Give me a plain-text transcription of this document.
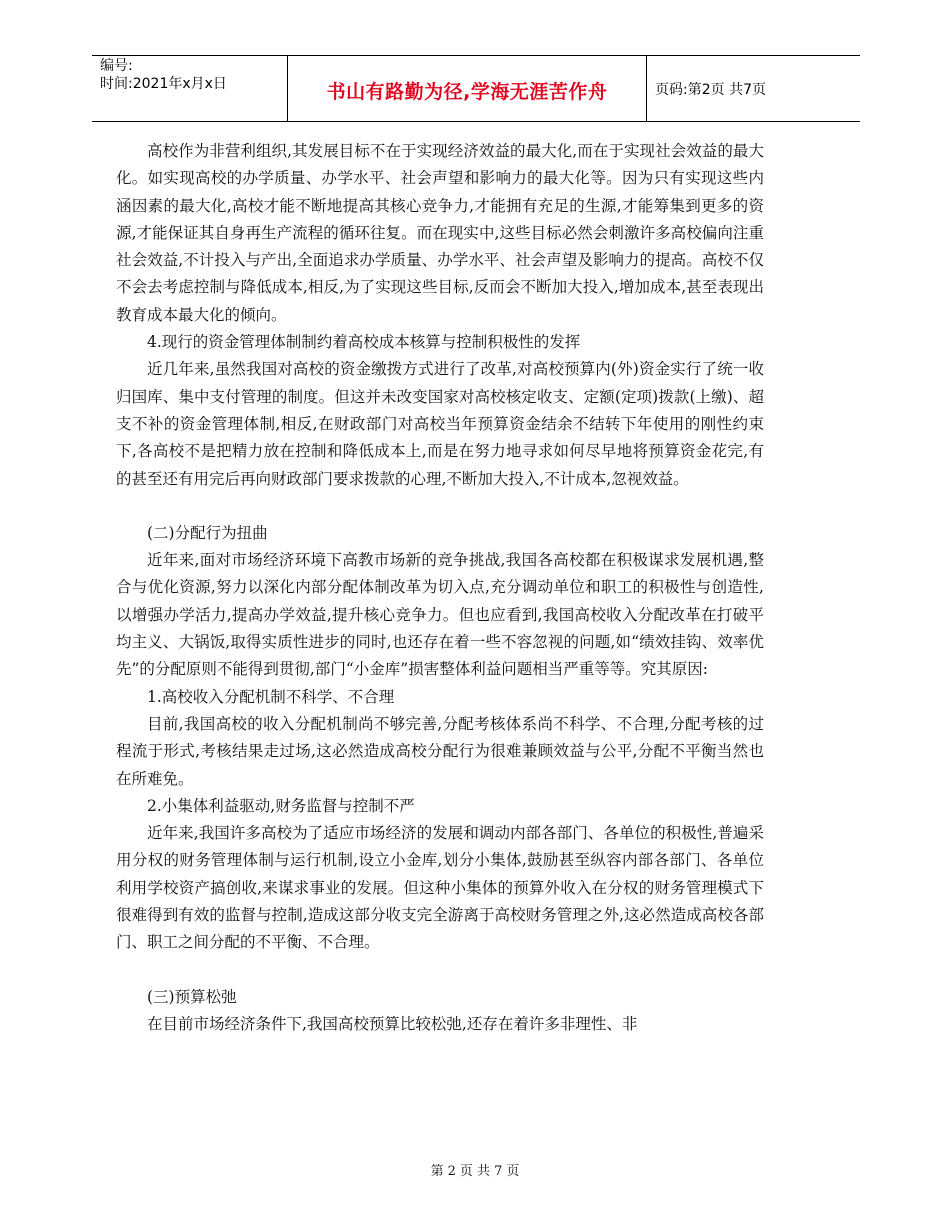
编号:
时间:2021年x月x日	书山有路勤为径,学海无涯苦作舟	页码:第2页 共7页

高校作为非营利组织,其发展目标不在于实现经济效益的最大化,而在于实现社会效益的最大化。如实现高校的办学质量、办学水平、社会声望和影响力的最大化等。因为只有实现这些内涵因素的最大化,高校才能不断地提高其核心竞争力,才能拥有充足的生源,才能筹集到更多的资源,才能保证其自身再生产流程的循环往复。而在现实中,这些目标必然会刺激许多高校偏向注重社会效益,不计投入与产出,全面追求办学质量、办学水平、社会声望及影响力的提高。高校不仅不会去考虑控制与降低成本,相反,为了实现这些目标,反而会不断加大投入,增加成本,甚至表现出教育成本最大化的倾向。

4.现行的资金管理体制制约着高校成本核算与控制积极性的发挥

近几年来,虽然我国对高校的资金缴拨方式进行了改革,对高校预算内(外)资金实行了统一收归国库、集中支付管理的制度。但这并未改变国家对高校核定收支、定额(定项)拨款(上缴)、超支不补的资金管理体制,相反,在财政部门对高校当年预算资金结余不结转下年使用的刚性约束下,各高校不是把精力放在控制和降低成本上,而是在努力地寻求如何尽早地将预算资金花完,有的甚至还有用完后再向财政部门要求拨款的心理,不断加大投入,不计成本,忽视效益。

(二)分配行为扭曲

近年来,面对市场经济环境下高教市场新的竞争挑战,我国各高校都在积极谋求发展机遇,整合与优化资源,努力以深化内部分配体制改革为切入点,充分调动单位和职工的积极性与创造性,以增强办学活力,提高办学效益,提升核心竞争力。但也应看到,我国高校收入分配改革在打破平均主义、大锅饭,取得实质性进步的同时,也还存在着一些不容忽视的问题,如“绩效挂钩、效率优先”的分配原则不能得到贯彻,部门“小金库”损害整体利益问题相当严重等等。究其原因:

1.高校收入分配机制不科学、不合理

目前,我国高校的收入分配机制尚不够完善,分配考核体系尚不科学、不合理,分配考核的过程流于形式,考核结果走过场,这必然造成高校分配行为很难兼顾效益与公平,分配不平衡当然也在所难免。

2.小集体利益驱动,财务监督与控制不严

近年来,我国许多高校为了适应市场经济的发展和调动内部各部门、各单位的积极性,普遍采用分权的财务管理体制与运行机制,设立小金库,划分小集体,鼓励甚至纵容内部各部门、各单位利用学校资产搞创收,来谋求事业的发展。但这种小集体的预算外收入在分权的财务管理模式下很难得到有效的监督与控制,造成这部分收支完全游离于高校财务管理之外,这必然造成高校各部门、职工之间分配的不平衡、不合理。

(三)预算松弛

在目前市场经济条件下,我国高校预算比较松弛,还存在着许多非理性、非

第 2 页 共 7 页
